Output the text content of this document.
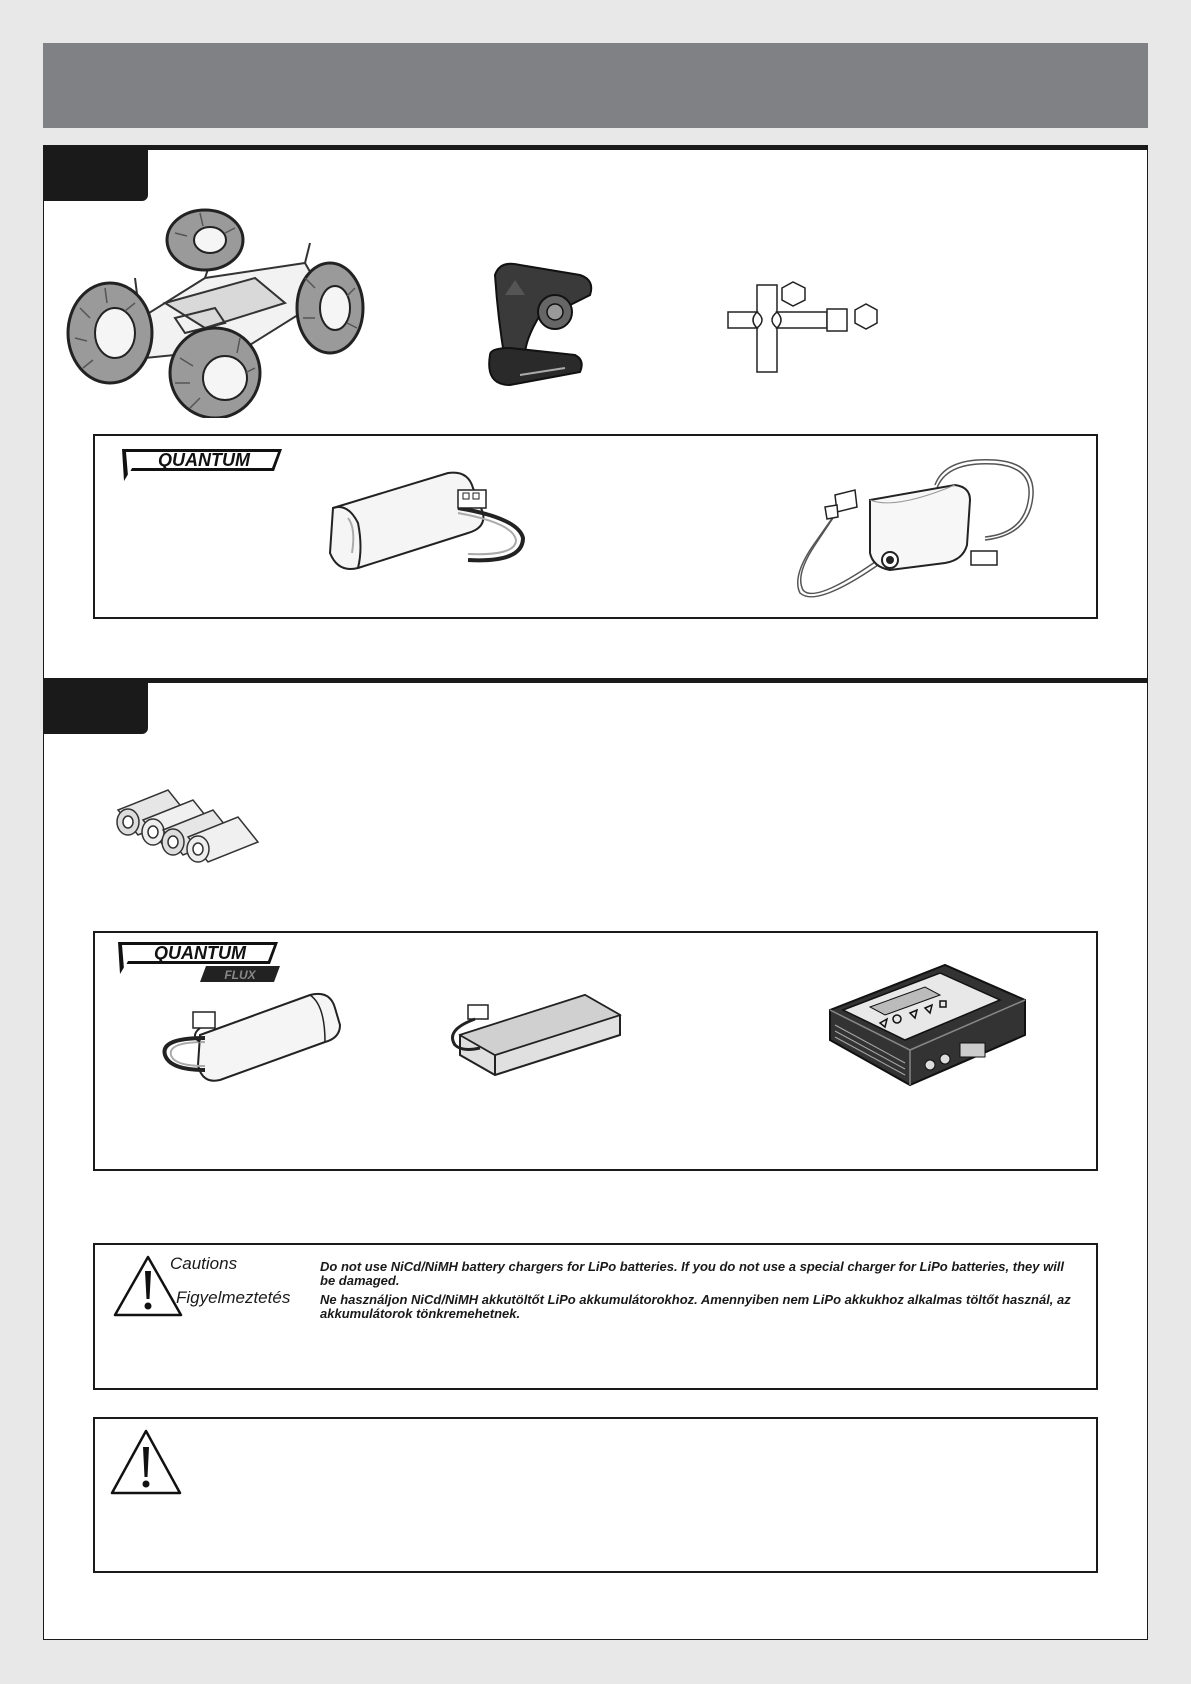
QUANTUM
QUANTUM
FLUX
Cautions
Figyelmeztetés
Do not use NiCd/NiMH battery chargers for LiPo batteries. If you do not use a special charger for LiPo batteries, they will be damaged.
Ne használjon NiCd/NiMH akkutöltőt LiPo akkumulátorokhoz. Amennyiben nem LiPo akkukhoz alkalmas töltőt használ, az akkumulátorok tönkremehetnek.
